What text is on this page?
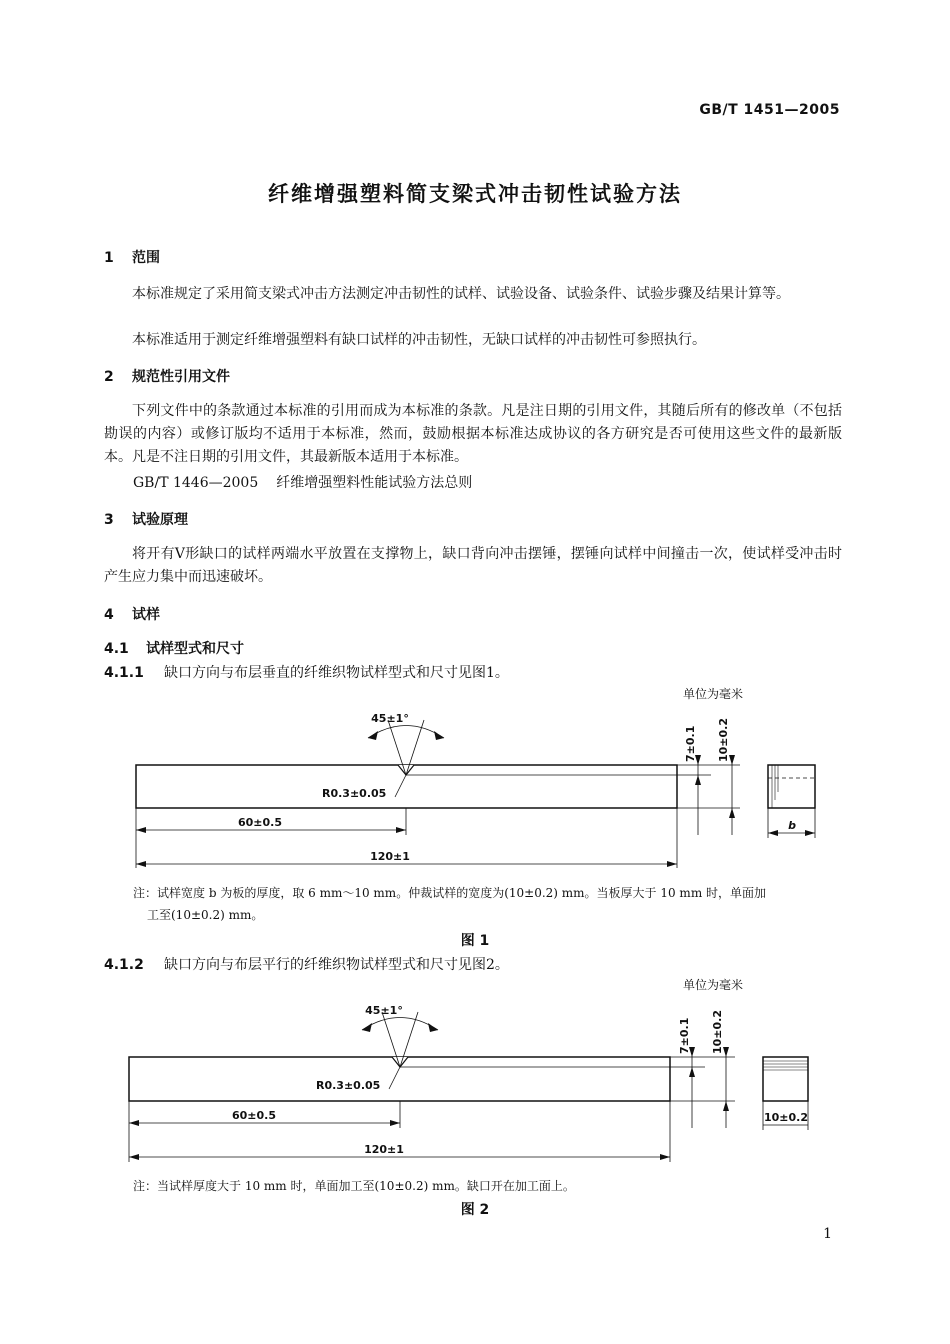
GB/T 1451—2005
纤维增强塑料简支梁式冲击韧性试验方法
1 范围

本标准规定了采用简支梁式冲击方法测定冲击韧性的试样、试验设备、试验条件、试验步骤及结果计算等。

本标准适用于测定纤维增强塑料有缺口试样的冲击韧性，无缺口试样的冲击韧性可参照执行。

2 规范性引用文件

下列文件中的条款通过本标准的引用而成为本标准的条款。凡是注日期的引用文件，其随后所有的修改单（不包括勘误的内容）或修订版均不适用于本标准，然而，鼓励根据本标准达成协议的各方研究是否可使用这些文件的最新版本。凡是不注日期的引用文件，其最新版本适用于本标准。

GB/T 1446—2005 纤维增强塑料性能试验方法总则
3 试验原理

将开有V形缺口的试样两端水平放置在支撑物上，缺口背向冲击摆锤，摆锤向试样中间撞击一次，使试样受冲击时产生应力集中而迅速破坏。

4 试样
4.1 试样型式和尺寸
4.1.1 缺口方向与布层垂直的纤维织物试样型式和尺寸见图1。
单位为毫米
45±1°
R0.3±0.05
60±0.5
120±1
7±0.1 10±0.2
b

注：试样宽度 b 为板的厚度，取 6 mm～10 mm。仲裁试样的宽度为(10±0.2) mm。当板厚大于 10 mm 时，单面加
工至(10±0.2) mm。

图 1
4.1.2 缺口方向与布层平行的纤维织物试样型式和尺寸见图2。
单位为毫米
45±1°
R0.3±0.05
60±0.5
120±1
7±0.1 10±0.2
10±0.2

注：当试样厚度大于 10 mm 时，单面加工至(10±0.2) mm。缺口开在加工面上。

图 2
1
